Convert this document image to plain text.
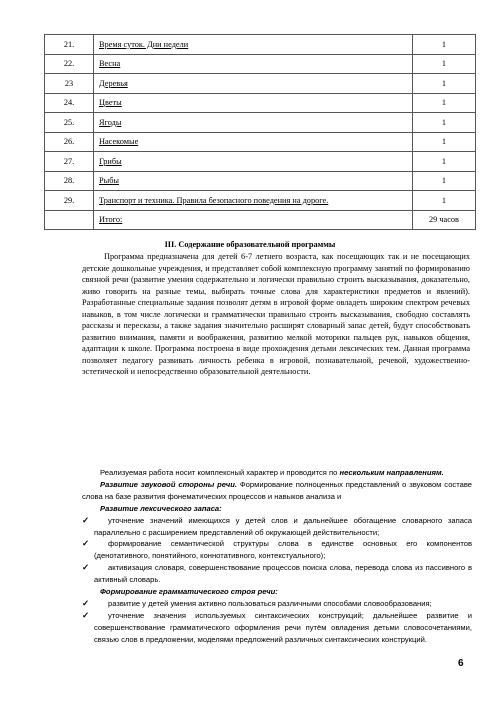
21.	Время суток. Дни недели	1
22.	Весна	1
23	Деревья	1
24.	Цветы	1
25.	Ягоды	1
26.	Насекомые	1
27.	Грибы	1
28.	Рыбы	1
29.	Транспорт и техника. Правила безопасного поведения на дороге.	1
	Итого:	29 часов
III. Содержание образовательной программы

Программа предназначена для детей 6-7 летнего возраста, как посещающих так и не посещающих детские дошкольные учреждения, и представляет собой комплексную программу занятий по формированию связной речи (развитие умения содержательно и логически правильно строить высказывания, доказательно, живо говорить на разные темы, выбирать точные слова для характеристики предметов и явлений). Разработанные специальные задания позволят детям в игровой форме овладеть широким спектром речевых навыков, в том числе логически и грамматически правильно строить высказывания, свободно составлять рассказы и пересказы, а также задания значительно расширят словарный запас детей, будут способствовать развитию внимания, памяти и воображения, развитию мелкой моторики пальцев рук, навыков общения, адаптации к школе. Программа построена в виде прохождения детьми лексических тем. Данная программа позволяет педагогу развивать личность ребенка в игровой, познавательной, речевой, художественно-эстетической и непосредственно образовательной деятельности.

Реализуемая работа носит комплексный характер и проводится по нескольким направлениям.

Развитие звуковой стороны речи. Формирование полноценных представлений о звуковом составе слова на базе развития фонематических процессов и навыков анализа и

Развитие лексического запаса:

✓ уточнение значений имеющихся у детей слов и дальнейшее обогащение словарного запаса параллельно с расширением представлений об окружающей действительности;

✓ формирование семантической структуры слова в единстве основных его компонентов (денотативного, понятийного, коннотативного, контекстуального);

✓ активизация словаря, совершенствование процессов поиска слова, перевода слова из пассивного в активный словарь.

Формирование грамматического строя речи:

✓ развитие у детей умения активно пользоваться различными способами словообразования;

✓ уточнение значения используемых синтаксических конструкций; дальнейшее развитие и совершенствование грамматического оформления речи путём овладения детьми словосочетаниями, связью слов в предложении, моделями предложений различных синтаксических конструкций.

6
